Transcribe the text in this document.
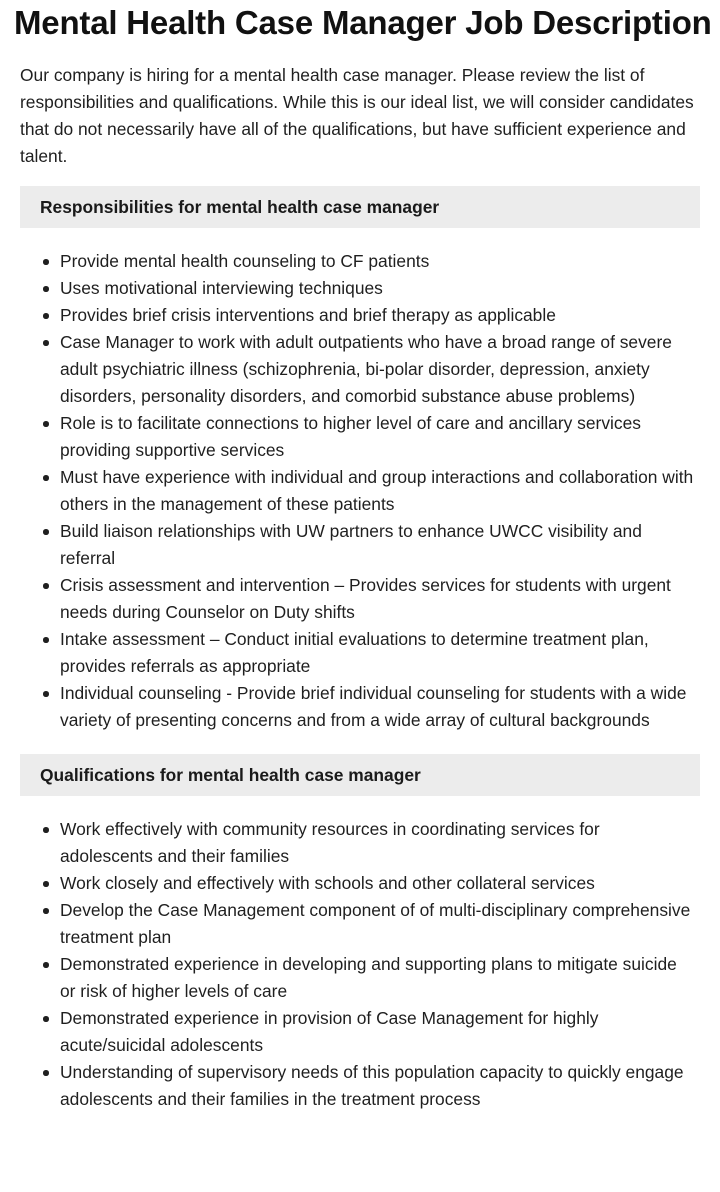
Mental Health Case Manager Job Description

Our company is hiring for a mental health case manager. Please review the list of responsibilities and qualifications. While this is our ideal list, we will consider candidates that do not necessarily have all of the qualifications, but have sufficient experience and talent.

Responsibilities for mental health case manager
Provide mental health counseling to CF patients
Uses motivational interviewing techniques
Provides brief crisis interventions and brief therapy as applicable
Case Manager to work with adult outpatients who have a broad range of severe adult psychiatric illness (schizophrenia, bi-polar disorder, depression, anxiety disorders, personality disorders, and comorbid substance abuse problems)
Role is to facilitate connections to higher level of care and ancillary services providing supportive services
Must have experience with individual and group interactions and collaboration with others in the management of these patients
Build liaison relationships with UW partners to enhance UWCC visibility and referral
Crisis assessment and intervention – Provides services for students with urgent needs during Counselor on Duty shifts
Intake assessment – Conduct initial evaluations to determine treatment plan, provides referrals as appropriate
Individual counseling - Provide brief individual counseling for students with a wide variety of presenting concerns and from a wide array of cultural backgrounds
Qualifications for mental health case manager
Work effectively with community resources in coordinating services for adolescents and their families
Work closely and effectively with schools and other collateral services
Develop the Case Management component of of multi-disciplinary comprehensive treatment plan
Demonstrated experience in developing and supporting plans to mitigate suicide or risk of higher levels of care
Demonstrated experience in provision of Case Management for highly acute/suicidal adolescents
Understanding of supervisory needs of this population capacity to quickly engage adolescents and their families in the treatment process
